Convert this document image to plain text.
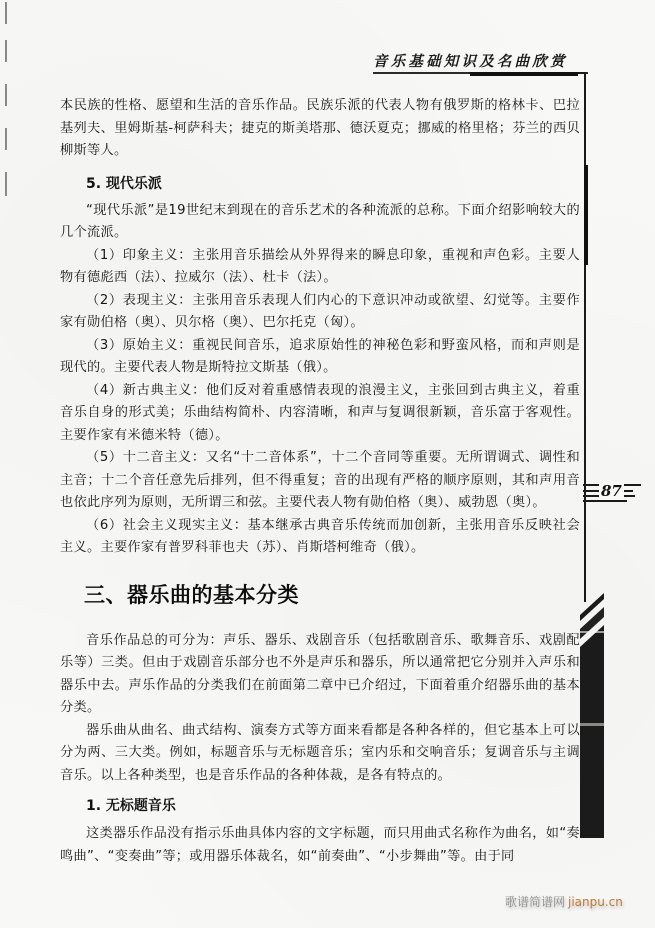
音乐基础知识及名曲欣赏
87

本民族的性格、愿望和生活的音乐作品。民族乐派的代表人物有俄罗斯的格林卡、巴拉基列夫、里姆斯基-柯萨科夫；捷克的斯美塔那、德沃夏克；挪威的格里格；芬兰的西贝柳斯等人。

5. 现代乐派

“现代乐派”是19世纪末到现在的音乐艺术的各种流派的总称。下面介绍影响较大的几个流派。

（1）印象主义：主张用音乐描绘从外界得来的瞬息印象，重视和声色彩。主要人物有德彪西（法）、拉威尔（法）、杜卡（法）。

（2）表现主义：主张用音乐表现人们内心的下意识冲动或欲望、幻觉等。主要作家有勋伯格（奥）、贝尔格（奥）、巴尔托克（匈）。

（3）原始主义：重视民间音乐，追求原始性的神秘色彩和野蛮风格，而和声则是现代的。主要代表人物是斯特拉文斯基（俄）。

（4）新古典主义：他们反对着重感情表现的浪漫主义，主张回到古典主义，着重音乐自身的形式美；乐曲结构简朴、内容清晰，和声与复调很新颖，音乐富于客观性。主要作家有米德米特（德）。

（5）十二音主义：又名“十二音体系”，十二个音同等重要。无所谓调式、调性和主音；十二个音任意先后排列，但不得重复；音的出现有严格的顺序原则，其和声用音也依此序列为原则，无所谓三和弦。主要代表人物有勋伯格（奥）、威勃恩（奥）。

（6）社会主义现实主义：基本继承古典音乐传统而加创新，主张用音乐反映社会主义。主要作家有普罗科菲也夫（苏）、肖斯塔柯维奇（俄）。

三、器乐曲的基本分类

音乐作品总的可分为：声乐、器乐、戏剧音乐（包括歌剧音乐、歌舞音乐、戏剧配乐等）三类。但由于戏剧音乐部分也不外是声乐和器乐，所以通常把它分别并入声乐和器乐中去。声乐作品的分类我们在前面第二章中已介绍过，下面着重介绍器乐曲的基本分类。

器乐曲从曲名、曲式结构、演奏方式等方面来看都是各种各样的，但它基本上可以分为两、三大类。例如，标题音乐与无标题音乐；室内乐和交响音乐；复调音乐与主调音乐。以上各种类型，也是音乐作品的各种体裁，是各有特点的。

1. 无标题音乐

这类器乐作品没有指示乐曲具体内容的文字标题，而只用曲式名称作为曲名，如“奏鸣曲”、“变奏曲”等；或用器乐体裁名，如“前奏曲”、“小步舞曲”等。由于同

歌谱简谱网 jianpu.cn
